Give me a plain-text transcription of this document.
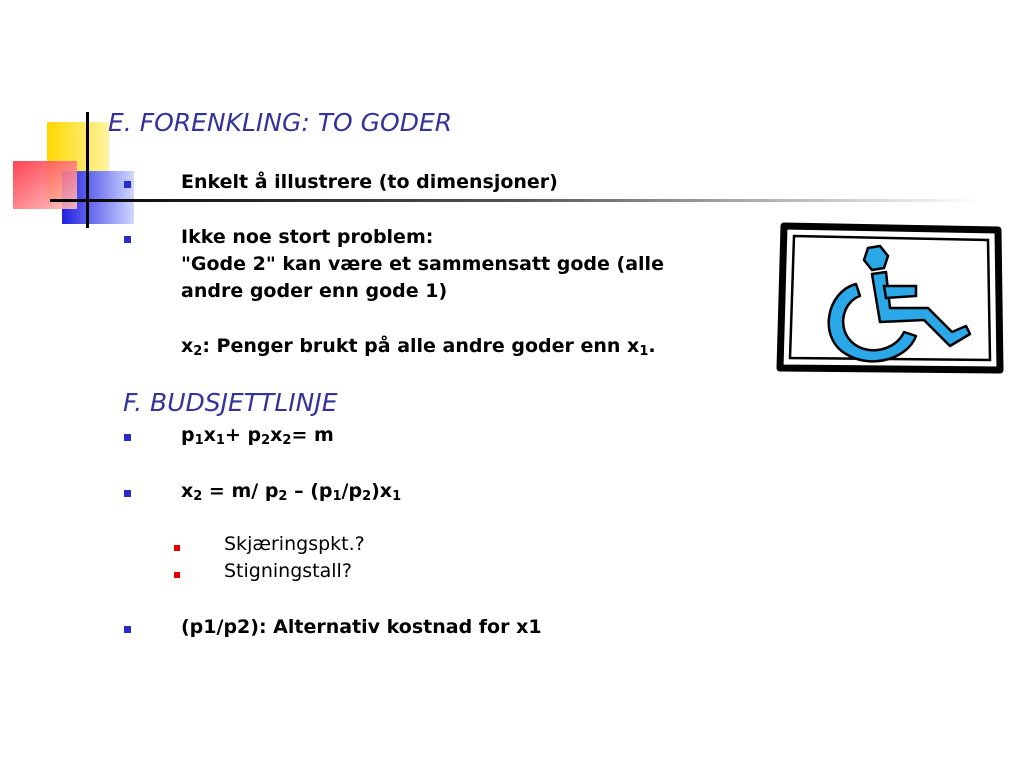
E. FORENKLING: TO GODER
Enkelt å illustrere (to dimensjoner)
Ikke noe stort problem:
"Gode 2" kan være et sammensatt gode (alle
andre goder enn gode 1)
$x_2$: Penger brukt på alle andre goder enn $x_1$.
F. BUDSJETTLINJE
$p_1x_1+ p_2x_2= m$
$x_2 = m/$ $p_2 - (p_1/p_2)x_1$
Skjæringspkt.?
Stigningstall?
(p1/p2): Alternativ kostnad for x1
